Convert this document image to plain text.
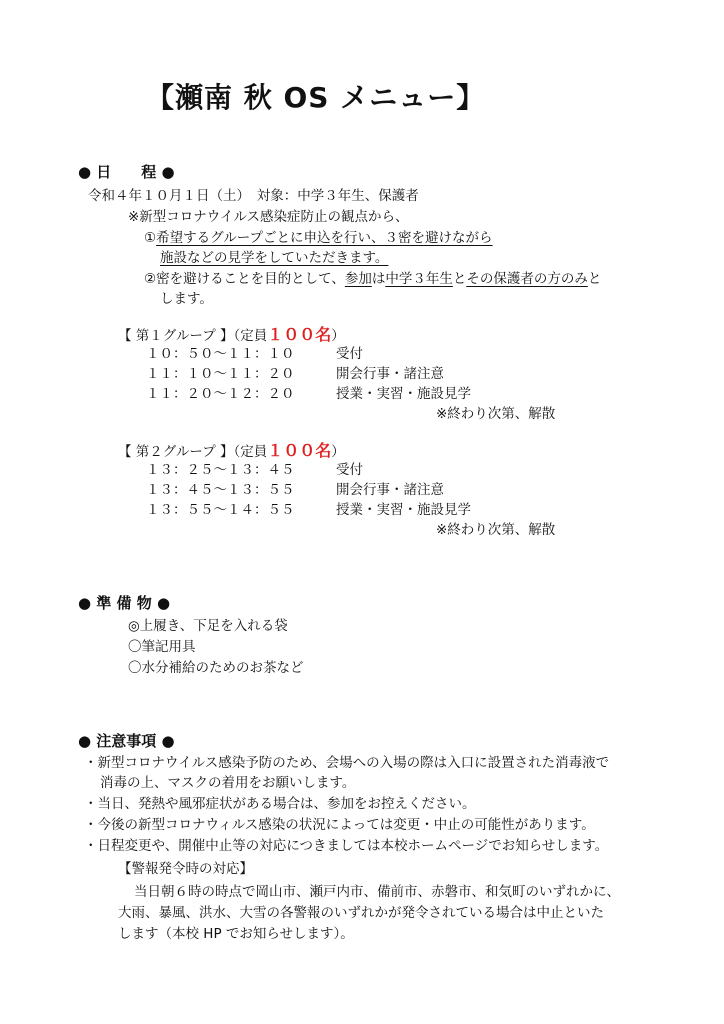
【瀬南 秋 OS メニュー】
● 日　　程 ●
令和４年１０月１日（土）　対象：中学３年生、保護者
※新型コロナウイルス感染症防止の観点から、
①希望するグループごとに申込を行い、３密を避けながら
施設などの見学をしていただきます。
②密を避けることを目的として、参加は中学３年生とその保護者の方のみと
します。
【 第１グループ 】（定員１００名）
１０：５０～１１：１０	受付
１１：１０～１１：２０	開会行事・諸注意
１１：２０～１２：２０	授業・実習・施設見学
※終わり次第、解散
【 第２グループ 】（定員１００名）
１３：２５～１３：４５	受付
１３：４５～１３：５５	開会行事・諸注意
１３：５５～１４：５５	授業・実習・施設見学
※終わり次第、解散
● 準 備 物 ●
◎上履き、下足を入れる袋
〇筆記用具
〇水分補給のためのお茶など
● 注意事項 ●
・新型コロナウイルス感染予防のため、会場への入場の際は入口に設置された消毒液で
消毒の上、マスクの着用をお願いします。
・当日、発熱や風邪症状がある場合は、参加をお控えください。
・今後の新型コロナウィルス感染の状況によっては変更・中止の可能性があります。
・日程変更や、開催中止等の対応につきましては本校ホームページでお知らせします。
【警報発令時の対応】
当日朝６時の時点で岡山市、瀬戸内市、備前市、赤磐市、和気町のいずれかに、
大雨、暴風、洪水、大雪の各警報のいずれかが発令されている場合は中止といた
します（本校 HP でお知らせします）。
